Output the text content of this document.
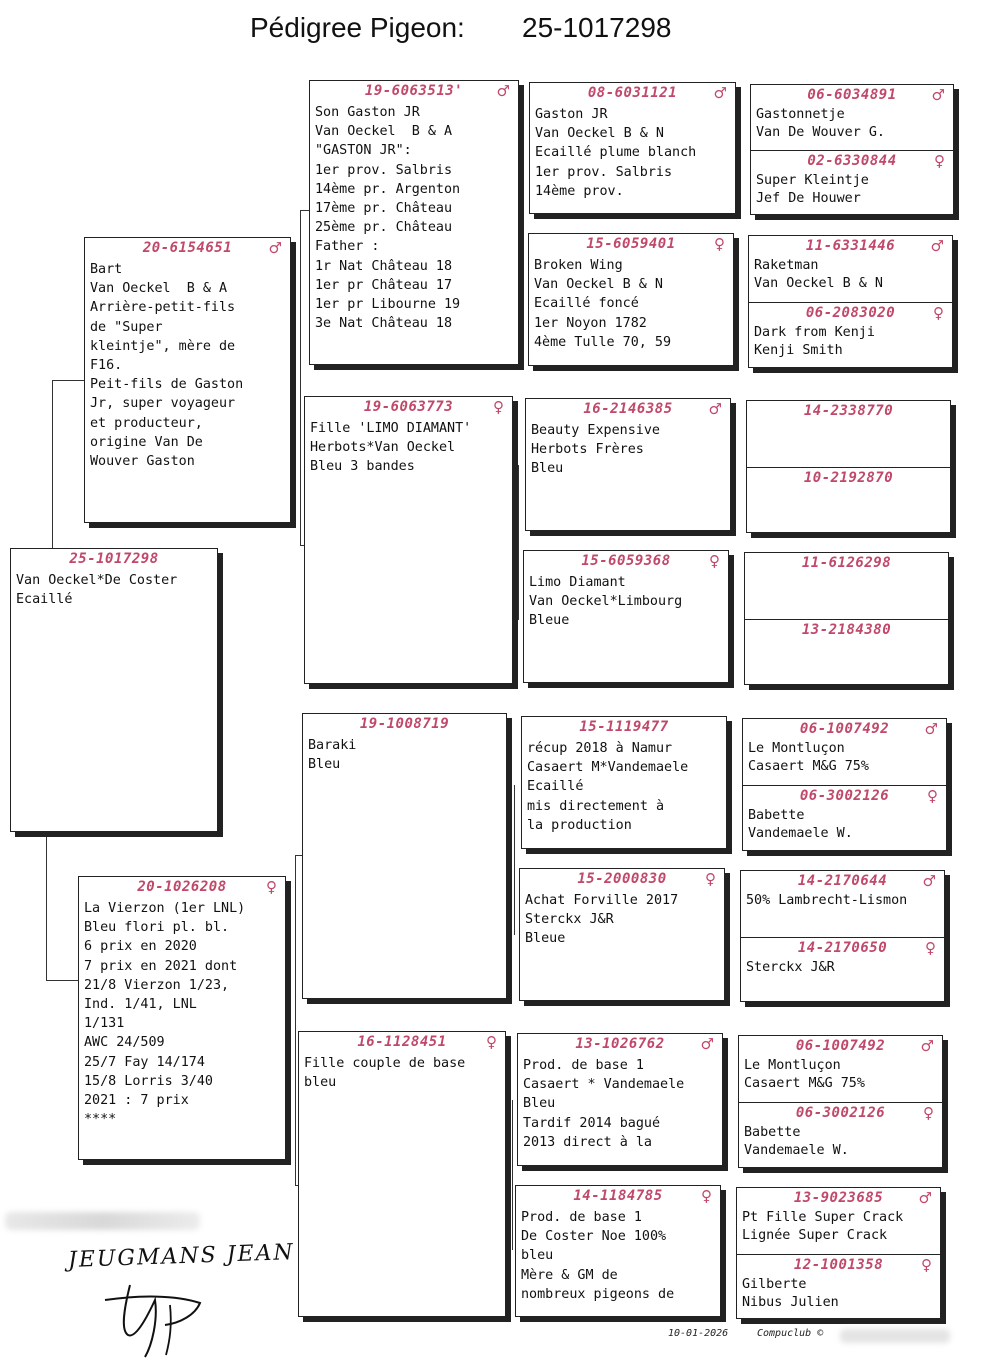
Pédigree Pigeon: 25-1017298
25-1017298
Van Oeckel*De Coster
Ecaillé
20-6154651	♂
Bart
Van Oeckel  B & A
Arrière-petit-fils
de "Super
kleintje", mère de
F16.
Peit-fils de Gaston
Jr, super voyageur
et producteur,
origine Van De
Wouver Gaston
20-1026208	♀
La Vierzon (1er LNL)
Bleu flori pl. bl.
6 prix en 2020
7 prix en 2021 dont
21/8 Vierzon 1/23,
Ind. 1/41, LNL
1/131
AWC 24/509
25/7 Fay 14/174
15/8 Lorris 3/40
2021 : 7 prix
****
19-6063513'	♂
Son Gaston JR
Van Oeckel  B & A
"GASTON JR":
1er prov. Salbris
14ème pr. Argenton
17ème pr. Château
25ème pr. Château
Father :
1r Nat Château 18
1er pr Château 17
1er pr Libourne 19
3e Nat Château 18
19-6063773	♀
Fille 'LIMO DIAMANT'
Herbots*Van Oeckel
Bleu 3 bandes
19-1008719
Baraki
Bleu
16-1128451	♀
Fille couple de base
bleu
08-6031121	♂
Gaston JR
Van Oeckel B & N
Ecaillé plume blanch
1er prov. Salbris
14ème prov.
15-6059401	♀
Broken Wing
Van Oeckel B & N
Ecaillé foncé
1er Noyon 1782
4ème Tulle 70, 59
16-2146385	♂
Beauty Expensive
Herbots Frères
Bleu
15-6059368	♀
Limo Diamant
Van Oeckel*Limbourg
Bleue
15-1119477
récup 2018 à Namur
Casaert M*Vandemaele
Ecaillé
mis directement à
la production
15-2000830	♀
Achat Forville 2017
Sterckx J&R
Bleue
13-1026762	♂
Prod. de base 1
Casaert * Vandemaele
Bleu
Tardif 2014 bagué
2013 direct à la
14-1184785	♀
Prod. de base 1
De Coster Noe 100%
bleu
Mère & GM de
nombreux pigeons de
06-6034891	♂
Gastonnetje
Van De Wouver G.
02-6330844	♀
Super Kleintje
Jef De Houwer
11-6331446	♂
Raketman
Van Oeckel B & N
06-2083020	♀
Dark from Kenji
Kenji Smith
14-2338770
10-2192870
11-6126298
13-2184380
06-1007492	♂
Le Montluçon
Casaert M&G 75%
06-3002126	♀
Babette
Vandemaele W.
14-2170644	♂
50% Lambrecht-Lismon
14-2170650	♀
Sterckx J&R
06-1007492	♂
Le Montluçon
Casaert M&G 75%
06-3002126	♀
Babette
Vandemaele W.
13-9023685	♂
Pt Fille Super Crack
Lignée Super Crack
12-1001358	♀
Gilberte
Nibus Julien
JEUGMANS JEAN
10-01-2026	Compuclub ©
